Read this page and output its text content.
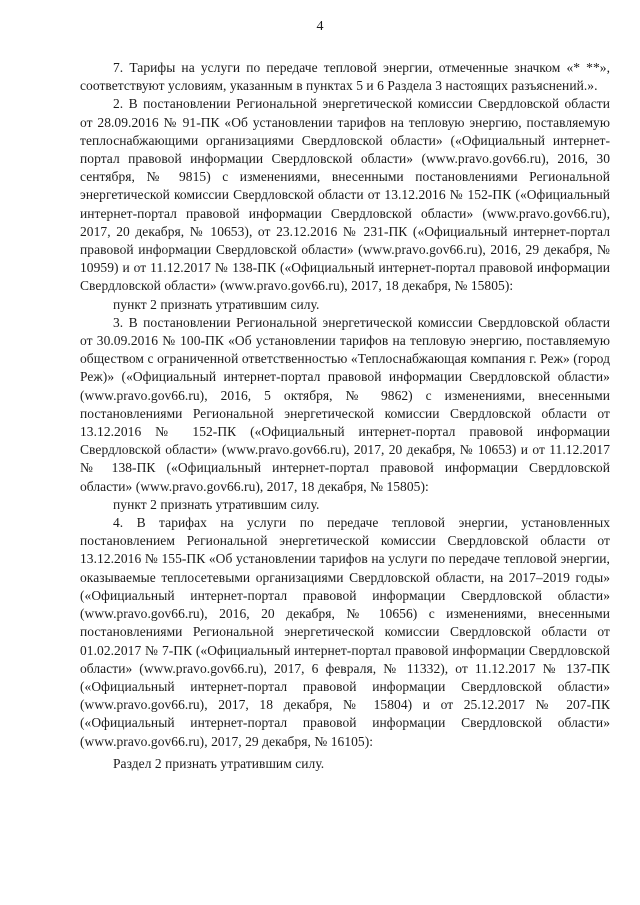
4

7. Тарифы на услуги по передаче тепловой энергии, отмеченные значком «* **», соответствуют условиям, указанным в пунктах 5 и 6 Раздела 3 настоящих разъяснений.».

2. В постановлении Региональной энергетической комиссии Свердловской области от 28.09.2016 № 91-ПК «Об установлении тарифов на тепловую энергию, поставляемую теплоснабжающими организациями Свердловской области» («Официальный интернет-портал правовой информации Свердловской области» (www.pravo.gov66.ru), 2016, 30 сентября, № 9815) с изменениями, внесенными постановлениями Региональной энергетической комиссии Свердловской области от 13.12.2016 № 152-ПК («Официальный интернет-портал правовой информации Свердловской области» (www.pravo.gov66.ru), 2017, 20 декабря, № 10653), от 23.12.2016 № 231-ПК («Официальный интернет-портал правовой информации Свердловской области» (www.pravo.gov66.ru), 2016, 29 декабря, № 10959) и от 11.12.2017 № 138-ПК («Официальный интернет-портал правовой информации Свердловской области» (www.pravo.gov66.ru), 2017, 18 декабря, № 15805):

пункт 2 признать утратившим силу.

3. В постановлении Региональной энергетической комиссии Свердловской области от 30.09.2016 № 100-ПК «Об установлении тарифов на тепловую энергию, поставляемую обществом с ограниченной ответственностью «Теплоснабжающая компания г. Реж» (город Реж)» («Официальный интернет-портал правовой информации Свердловской области» (www.pravo.gov66.ru), 2016, 5 октября, № 9862) с изменениями, внесенными постановлениями Региональной энергетической комиссии Свердловской области от 13.12.2016 № 152-ПК («Официальный интернет-портал правовой информации Свердловской области» (www.pravo.gov66.ru), 2017, 20 декабря, № 10653) и от 11.12.2017 № 138-ПК («Официальный интернет-портал правовой информации Свердловской области» (www.pravo.gov66.ru), 2017, 18 декабря, № 15805):

пункт 2 признать утратившим силу.

4. В тарифах на услуги по передаче тепловой энергии, установленных постановлением Региональной энергетической комиссии Свердловской области от 13.12.2016 № 155-ПК «Об установлении тарифов на услуги по передаче тепловой энергии, оказываемые теплосетевыми организациями Свердловской области, на 2017–2019 годы» («Официальный интернет-портал правовой информации Свердловской области» (www.pravo.gov66.ru), 2016, 20 декабря, № 10656) с изменениями, внесенными постановлениями Региональной энергетической комиссии Свердловской области от 01.02.2017 № 7-ПК («Официальный интернет-портал правовой информации Свердловской области» (www.pravo.gov66.ru), 2017, 6 февраля, № 11332), от 11.12.2017 № 137-ПК («Официальный интернет-портал правовой информации Свердловской области» (www.pravo.gov66.ru), 2017, 18 декабря, № 15804) и от 25.12.2017 № 207-ПК («Официальный интернет-портал правовой информации Свердловской области» (www.pravo.gov66.ru), 2017, 29 декабря, № 16105):

Раздел 2 признать утратившим силу.
